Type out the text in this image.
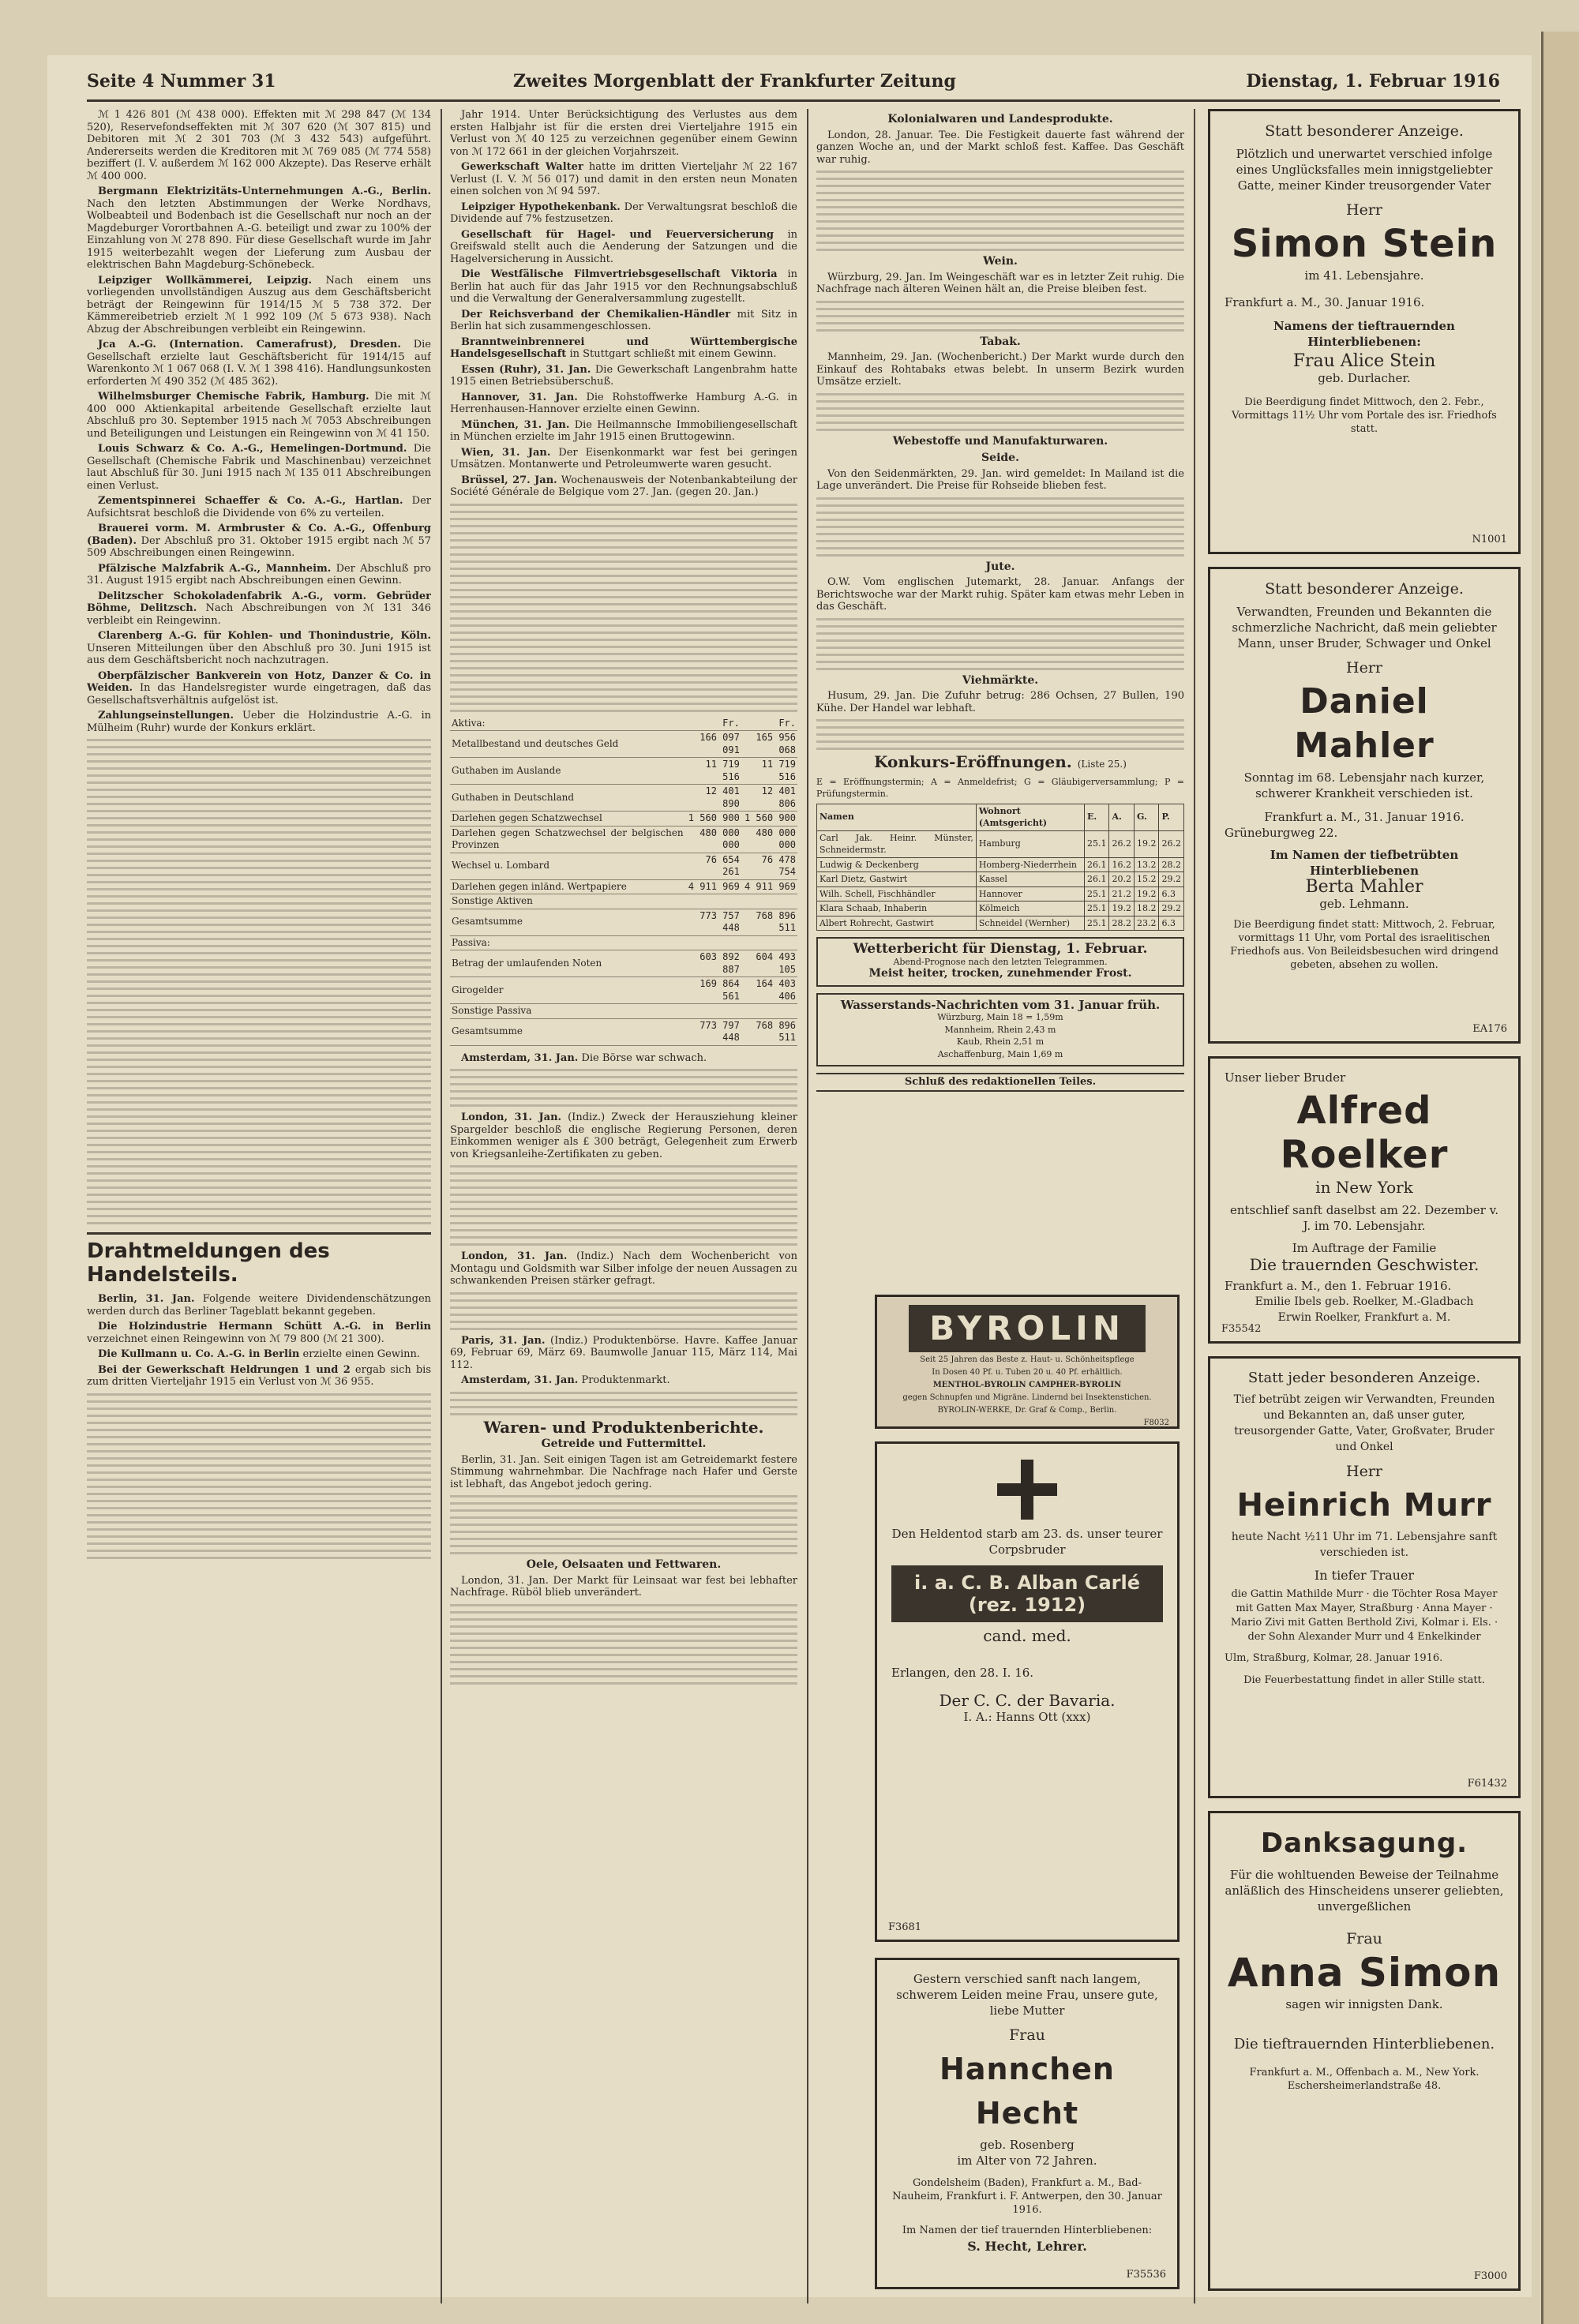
Seite 4 Nummer 31	Zweites Morgenblatt der Frankfurter Zeitung	Dienstag, 1. Februar 1916

ℳ 1 426 801 (ℳ 438 000). Effekten mit ℳ 298 847 (ℳ 134 520), Reservefondseffekten mit ℳ 307 620 (ℳ 307 815) und Debitoren mit ℳ 2 301 703 (ℳ 3 432 543) aufgeführt. Andererseits werden die Kreditoren mit ℳ 769 085 (ℳ 774 558) beziffert (I. V. außerdem ℳ 162 000 Akzepte). Das Reserve erhält ℳ 400 000.

Bergmann Elektrizitäts-Unternehmungen A.-G., Berlin. Nach den letzten Abstimmungen der Werke Nordhavs, Wolbeabteil und Bodenbach ist die Gesellschaft nur noch an der Magdeburger Vorortbahnen A.-G. beteiligt und zwar zu 100% der Einzahlung von ℳ 278 890. Für diese Gesellschaft wurde im Jahr 1915 weiterbezahlt wegen der Lieferung zum Ausbau der elektrischen Bahn Magdeburg-Schönebeck.

Leipziger Wollkämmerei, Leipzig. Nach einem uns vorliegenden unvollständigen Auszug aus dem Geschäftsbericht beträgt der Reingewinn für 1914/15 ℳ 5 738 372. Der Kämmereibetrieb erzielt ℳ 1 992 109 (ℳ 5 673 938). Nach Abzug der Abschreibungen verbleibt ein Reingewinn.

Jca A.-G. (Internation. Camerafrust), Dresden. Die Gesellschaft erzielte laut Geschäftsbericht für 1914/15 auf Warenkonto ℳ 1 067 068 (I. V. ℳ 1 398 416). Handlungsunkosten erforderten ℳ 490 352 (ℳ 485 362).

Wilhelmsburger Chemische Fabrik, Hamburg. Die mit ℳ 400 000 Aktienkapital arbeitende Gesellschaft erzielte laut Abschluß pro 30. September 1915 nach ℳ 7053 Abschreibungen und Beteiligungen und Leistungen ein Reingewinn von ℳ 41 150.

Louis Schwarz & Co. A.-G., Hemelingen-Dortmund. Die Gesellschaft (Chemische Fabrik und Maschinenbau) verzeichnet laut Abschluß für 30. Juni 1915 nach ℳ 135 011 Abschreibungen einen Verlust.

Zementspinnerei Schaeffer & Co. A.-G., Hartlan. Der Aufsichtsrat beschloß die Dividende von 6% zu verteilen.

Brauerei vorm. M. Armbruster & Co. A.-G., Offenburg (Baden). Der Abschluß pro 31. Oktober 1915 ergibt nach ℳ 57 509 Abschreibungen einen Reingewinn.

Pfälzische Malzfabrik A.-G., Mannheim. Der Abschluß pro 31. August 1915 ergibt nach Abschreibungen einen Gewinn.

Delitzscher Schokoladenfabrik A.-G., vorm. Gebrüder Böhme, Delitzsch. Nach Abschreibungen von ℳ 131 346 verbleibt ein Reingewinn.

Clarenberg A.-G. für Kohlen- und Thonindustrie, Köln. Unseren Mitteilungen über den Abschluß pro 30. Juni 1915 ist aus dem Geschäftsbericht noch nachzutragen.

Oberpfälzischer Bankverein von Hotz, Danzer & Co. in Weiden. In das Handelsregister wurde eingetragen, daß das Gesellschaftsverhältnis aufgelöst ist.

Zahlungseinstellungen. Ueber die Holzindustrie A.-G. in Mülheim (Ruhr) wurde der Konkurs erklärt.

Drahtmeldungen des Handelsteils.

Berlin, 31. Jan. Folgende weitere Dividendenschätzungen werden durch das Berliner Tageblatt bekannt gegeben.

Die Holzindustrie Hermann Schütt A.-G. in Berlin verzeichnet einen Reingewinn von ℳ 79 800 (ℳ 21 300).

Die Kullmann u. Co. A.-G. in Berlin erzielte einen Gewinn.

Bei der Gewerkschaft Heldrungen 1 und 2 ergab sich bis zum dritten Vierteljahr 1915 ein Verlust von ℳ 36 955.

Jahr 1914. Unter Berücksichtigung des Verlustes aus dem ersten Halbjahr ist für die ersten drei Vierteljahre 1915 ein Verlust von ℳ 40 125 zu verzeichnen gegenüber einem Gewinn von ℳ 172 661 in der gleichen Vorjahrszeit.

Gewerkschaft Walter hatte im dritten Vierteljahr ℳ 22 167 Verlust (I. V. ℳ 56 017) und damit in den ersten neun Monaten einen solchen von ℳ 94 597.

Leipziger Hypothekenbank. Der Verwaltungsrat beschloß die Dividende auf 7% festzusetzen.

Gesellschaft für Hagel- und Feuerversicherung in Greifswald stellt auch die Aenderung der Satzungen und die Hagelversicherung in Aussicht.

Die Westfälische Filmvertriebsgesellschaft Viktoria in Berlin hat auch für das Jahr 1915 vor den Rechnungsabschluß und die Verwaltung der Generalversammlung zugestellt.

Der Reichsverband der Chemikalien-Händler mit Sitz in Berlin hat sich zusammengeschlossen.

Branntweinbrennerei und Württembergische Handelsgesellschaft in Stuttgart schließt mit einem Gewinn.

Essen (Ruhr), 31. Jan. Die Gewerkschaft Langenbrahm hatte 1915 einen Betriebsüberschuß.

Hannover, 31. Jan. Die Rohstoffwerke Hamburg A.-G. in Herrenhausen-Hannover erzielte einen Gewinn.

München, 31. Jan. Die Heilmannsche Immobiliengesellschaft in München erzielte im Jahr 1915 einen Bruttogewinn.

Wien, 31. Jan. Der Eisenkonmarkt war fest bei geringen Umsätzen. Montanwerte und Petroleumwerte waren gesucht.

Brüssel, 27. Jan. Wochenausweis der Notenbankabteilung der Société Générale de Belgique vom 27. Jan. (gegen 20. Jan.)

Aktiva:	Fr.	Fr.
Metallbestand und deutsches Geld	166 097 091	165 956 068
Guthaben im Auslande	11 719 516	11 719 516
Guthaben in Deutschland	12 401 890	12 401 806
Darlehen gegen Schatzwechsel	1 560 900	1 560 900
Darlehen gegen Schatzwechsel der belgischen Provinzen	480 000 000	480 000 000
Wechsel u. Lombard	76 654 261	76 478 754
Darlehen gegen inländ. Wertpapiere	4 911 969	4 911 969
Sonstige Aktiven		
Gesamtsumme	773 757 448	768 896 511
Passiva:		
Betrag der umlaufenden Noten	603 892 887	604 493 105
Girogelder	169 864 561	164 403 406
Sonstige Passiva		
Gesamtsumme	773 797 448	768 896 511

Amsterdam, 31. Jan. Die Börse war schwach.

London, 31. Jan. (Indiz.) Zweck der Herausziehung kleiner Spargelder beschloß die englische Regierung Personen, deren Einkommen weniger als £ 300 beträgt, Gelegenheit zum Erwerb von Kriegsanleihe-Zertifikaten zu geben.

London, 31. Jan. (Indiz.) Nach dem Wochenbericht von Montagu und Goldsmith war Silber infolge der neuen Aussagen zu schwankenden Preisen stärker gefragt.

Paris, 31. Jan. (Indiz.) Produktenbörse. Havre. Kaffee Januar 69, Februar 69, März 69. Baumwolle Januar 115, März 114, Mai 112.

Amsterdam, 31. Jan. Produktenmarkt.

Waren- und Produktenberichte.
Getreide und Futtermittel.

Berlin, 31. Jan. Seit einigen Tagen ist am Getreidemarkt festere Stimmung wahrnehmbar. Die Nachfrage nach Hafer und Gerste ist lebhaft, das Angebot jedoch gering.

Oele, Oelsaaten und Fettwaren.

London, 31. Jan. Der Markt für Leinsaat war fest bei lebhafter Nachfrage. Rüböl blieb unverändert.

Kolonialwaren und Landesprodukte.

London, 28. Januar. Tee. Die Festigkeit dauerte fast während der ganzen Woche an, und der Markt schloß fest. Kaffee. Das Geschäft war ruhig.

Wein.

Würzburg, 29. Jan. Im Weingeschäft war es in letzter Zeit ruhig. Die Nachfrage nach älteren Weinen hält an, die Preise bleiben fest.

Tabak.

Mannheim, 29. Jan. (Wochenbericht.) Der Markt wurde durch den Einkauf des Rohtabaks etwas belebt. In unserm Bezirk wurden Umsätze erzielt.

Webestoffe und Manufakturwaren.
Seide.

Von den Seidenmärkten, 29. Jan. wird gemeldet: In Mailand ist die Lage unverändert. Die Preise für Rohseide blieben fest.

Jute.

O.W. Vom englischen Jutemarkt, 28. Januar. Anfangs der Berichtswoche war der Markt ruhig. Später kam etwas mehr Leben in das Geschäft.

Viehmärkte.

Husum, 29. Jan. Die Zufuhr betrug: 286 Ochsen, 27 Bullen, 190 Kühe. Der Handel war lebhaft.

Konkurs-Eröffnungen. (Liste 25.)

E = Eröffnungstermin; A = Anmeldefrist; G = Gläubigerversammlung; P = Prüfungstermin.

Namen	Wohnort (Amtsgericht)	E.	A.	G.	P.
Carl Jak. Heinr. Münster, Schneidermstr.	Hamburg	25.1	26.2	19.2	26.2
Ludwig & Deckenberg	Homberg-Niederrhein	26.1	16.2	13.2	28.2
Karl Dietz, Gastwirt	Kassel	26.1	20.2	15.2	29.2
Wilh. Schell, Fischhändler	Hannover	25.1	21.2	19.2	6.3
Klara Schaab, Inhaberin	Kölmeich	25.1	19.2	18.2	29.2
Albert Rohrecht, Gastwirt	Schneidel (Wernher)	25.1	28.2	23.2	6.3
Wetterbericht für Dienstag, 1. Februar.
Abend-Prognose nach den letzten Telegrammen.
Meist heiter, trocken, zunehmender Frost.
Wasserstands-Nachrichten vom 31. Januar früh.
Würzburg, Main 18 = 1,59m
Mannheim, Rhein 2,43 m
Kaub, Rhein 2,51 m
Aschaffenburg, Main 1,69 m
Schluß des redaktionellen Teiles.
BYROLIN
Seit 25 Jahren das Beste z. Haut- u. Schönheitspflege
In Dosen 40 Pf. u. Tuben 20 u. 40 Pf. erhältlich.
MENTHOL-BYROLIN CAMPHER-BYROLIN
gegen Schnupfen und Migräne. Lindernd bei Insektenstichen.
BYROLIN-WERKE, Dr. Graf & Comp., Berlin.
F8032
Den Heldentod starb am 23. ds. unser teurer Corpsbruder
i. a. C. B. Alban Carlé (rez. 1912)
cand. med.
Erlangen, den 28. I. 16.
Der C. C. der Bavaria.
I. A.: Hanns Ott (xxx)
F3681
Gestern verschied sanft nach langem, schwerem Leiden meine Frau, unsere gute, liebe Mutter
Frau
Hannchen Hecht
geb. Rosenberg
im Alter von 72 Jahren.
Gondelsheim (Baden), Frankfurt a. M., Bad-Nauheim, Frankfurt i. F. Antwerpen, den 30. Januar 1916.
Im Namen der tief trauernden Hinterbliebenen:
S. Hecht, Lehrer.
F35536
Statt besonderer Anzeige.
Plötzlich und unerwartet verschied infolge eines Unglücksfalles mein innigstgeliebter Gatte, meiner Kinder treusorgender Vater
Herr
Simon Stein
im 41. Lebensjahre.
Frankfurt a. M., 30. Januar 1916.
Namens der tieftrauernden Hinterbliebenen:
Frau Alice Stein
geb. Durlacher.
Die Beerdigung findet Mittwoch, den 2. Febr., Vormittags 11½ Uhr vom Portale des isr. Friedhofs statt.
N1001
Statt besonderer Anzeige.
Verwandten, Freunden und Bekannten die schmerzliche Nachricht, daß mein geliebter Mann, unser Bruder, Schwager und Onkel
Herr
Daniel Mahler
Sonntag im 68. Lebensjahr nach kurzer, schwerer Krankheit verschieden ist.
Frankfurt a. M., 31. Januar 1916.
Grüneburgweg 22.
Im Namen der tiefbetrübten Hinterbliebenen
Berta Mahler
geb. Lehmann.
Die Beerdigung findet statt: Mittwoch, 2. Februar, vormittags 11 Uhr, vom Portal des israelitischen Friedhofs aus. Von Beileidsbesuchen wird dringend gebeten, absehen zu wollen.
EA176
Unser lieber Bruder
Alfred Roelker
in New York
entschlief sanft daselbst am 22. Dezember v. J. im 70. Lebensjahr.
Im Auftrage der Familie
Die trauernden Geschwister.
Frankfurt a. M., den 1. Februar 1916.
Emilie Ibels geb. Roelker, M.-Gladbach
Erwin Roelker, Frankfurt a. M.
F35542
Statt jeder besonderen Anzeige.
Tief betrübt zeigen wir Verwandten, Freunden und Bekannten an, daß unser guter, treusorgender Gatte, Vater, Großvater, Bruder und Onkel
Herr
Heinrich Murr
heute Nacht ½11 Uhr im 71. Lebensjahre sanft verschieden ist.
In tiefer Trauer
die Gattin Mathilde Murr · die Töchter Rosa Mayer mit Gatten Max Mayer, Straßburg · Anna Mayer · Mario Zivi mit Gatten Berthold Zivi, Kolmar i. Els. · der Sohn Alexander Murr und 4 Enkelkinder
Ulm, Straßburg, Kolmar, 28. Januar 1916.
Die Feuerbestattung findet in aller Stille statt.
F61432
Danksagung.
Für die wohltuenden Beweise der Teilnahme anläßlich des Hinscheidens unserer geliebten, unvergeßlichen
Frau
Anna Simon
sagen wir innigsten Dank.
Die tieftrauernden Hinterbliebenen.
Frankfurt a. M., Offenbach a. M., New York. Eschersheimerlandstraße 48.
F3000
